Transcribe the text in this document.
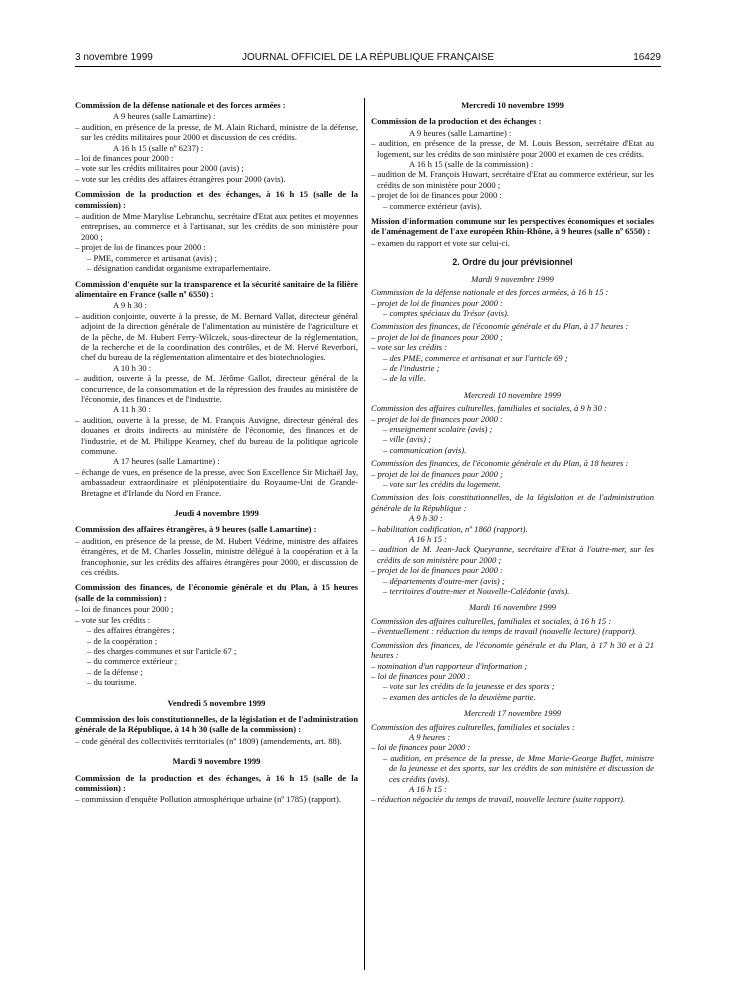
3 novembre 1999	JOURNAL OFFICIEL DE LA RÉPUBLIQUE FRANÇAISE	16429

Commission de la défense nationale et des forces armées :

A 9 heures (salle Lamartine) :

– audition, en présence de la presse, de M. Alain Richard, ministre de la défense, sur les crédits militaires pour 2000 et discussion de ces crédits.

A 16 h 15 (salle nº 6237) :

– loi de finances pour 2000 :

– vote sur les crédits militaires pour 2000 (avis) ;

– vote sur les crédits des affaires étrangères pour 2000 (avis).

Commission de la production et des échanges, à 16 h 15 (salle de la commission) :

– audition de Mme Marylise Lebranchu, secrétaire d'Etat aux petites et moyennes entreprises, au commerce et à l'artisanat, sur les crédits de son ministère pour 2000 ;

– projet de loi de finances pour 2000 :

– PME, commerce et artisanat (avis) ;

– désignation candidat organisme extraparlementaire.

Commission d'enquête sur la transparence et la sécurité sanitaire de la filière alimentaire en France (salle nº 6550) :

A 9 h 30 :

– audition conjointe, ouverte à la presse, de M. Bernard Vallat, directeur général adjoint de la direction générale de l'alimentation au ministère de l'agriculture et de la pêche, de M. Hubert Ferry-Wilczek, sous-directeur de la réglementation, de la recherche et de la coordination des contrôles, et de M. Hervé Reverbori, chef du bureau de la réglementation alimentaire et des biotechnologies.

A 10 h 30 :

– audition, ouverte à la presse, de M. Jérôme Gallot, directeur général de la concurrence, de la consommation et de la répression des fraudes au ministère de l'économie, des finances et de l'industrie.

A 11 h 30 :

– audition, ouverte à la presse, de M. François Auvigne, directeur général des douanes et droits indirects au ministère de l'économie, des finances et de l'industrie, et de M. Philippe Kearney, chef du bureau de la politique agricole commune.

A 17 heures (salle Lamartine) :

– échange de vues, en présence de la presse, avec Son Excellence Sir Michaël Jay, ambassadeur extraordinaire et plénipotentiaire du Royaume-Uni de Grande-Bretagne et d'Irlande du Nord en France.

Jeudi 4 novembre 1999

Commission des affaires étrangères, à 9 heures (salle Lamartine) :

– audition, en présence de la presse, de M. Hubert Védrine, ministre des affaires étrangères, et de M. Charles Josselin, ministre délégué à la coopération et à la francophonie, sur les crédits des affaires étrangères pour 2000, et discussion de ces crédits.

Commission des finances, de l'économie générale et du Plan, à 15 heures (salle de la commission) :

– loi de finances pour 2000 ;

– vote sur les crédits :

– des affaires étrangères ;

– de la coopération ;

– des charges communes et sur l'article 67 ;

– du commerce extérieur ;

– de la défense ;

– du tourisme.

Vendredi 5 novembre 1999

Commission des lois constitutionnelles, de la législation et de l'administration générale de la République, à 14 h 30 (salle de la commission) :

– code général des collectivités territoriales (nº 1809) (amendements, art. 88).

Mardi 9 novembre 1999

Commission de la production et des échanges, à 16 h 15 (salle de la commission) :

– commission d'enquête Pollution atmosphérique urbaine (nº 1785) (rapport).

Mercredi 10 novembre 1999

Commission de la production et des échanges :

A 9 heures (salle Lamartine) :

– audition, en présence de la presse, de M. Louis Besson, secrétaire d'Etat au logement, sur les crédits de son ministère pour 2000 et examen de ces crédits.

A 16 h 15 (salle de la commission) :

– audition de M. François Huwart, secrétaire d'Etat au commerce extérieur, sur les crédits de son ministère pour 2000 ;

– projet de loi de finances pour 2000 :

– commerce extérieur (avis).

Mission d'information commune sur les perspectives économiques et sociales de l'aménagement de l'axe européen Rhin-Rhône, à 9 heures (salle nº 6550) :

– examen du rapport et vote sur celui-ci.

2. Ordre du jour prévisionnel

Mardi 9 novembre 1999

Commission de la défense nationale et des forces armées, à 16 h 15 :

– projet de loi de finances pour 2000 :

– comptes spéciaux du Trésor (avis).

Commission des finances, de l'économie générale et du Plan, à 17 heures :

– projet de loi de finances pour 2000 ;

– vote sur les crédits :

– des PME, commerce et artisanat et sur l'article 69 ;

– de l'industrie ;

– de la ville.

Mercredi 10 novembre 1999

Commission des affaires culturelles, familiales et sociales, à 9 h 30 :

– projet de loi de finances pour 2000 :

– enseignement scolaire (avis) ;

– ville (avis) ;

– communication (avis).

Commission des finances, de l'économie générale et du Plan, à 18 heures :

– projet de loi de finances pour 2000 ;

– vote sur les crédits du logement.

Commission des lois constitutionnelles, de la législation et de l'administration générale de la République :

A 9 h 30 :

– habilitation codification, nº 1860 (rapport).

A 16 h 15 :

– audition de M. Jean-Jack Queyranne, secrétaire d'Etat à l'outre-mer, sur les crédits de son ministère pour 2000 ;

– projet de loi de finances pour 2000 :

– départements d'outre-mer (avis) ;

– territoires d'outre-mer et Nouvelle-Calédonie (avis).

Mardi 16 novembre 1999

Commission des affaires culturelles, familiales et sociales, à 16 h 15 :

– éventuellement : réduction du temps de travail (nouvelle lecture) (rapport).

Commission des finances, de l'économie générale et du Plan, à 17 h 30 et à 21 heures :

– nomination d'un rapporteur d'information ;

– loi de finances pour 2000 :

– vote sur les crédits de la jeunesse et des sports ;

– examen des articles de la deuxième partie.

Mercredi 17 novembre 1999

Commission des affaires culturelles, familiales et sociales :

A 9 heures :

– loi de finances pour 2000 :

– audition, en présence de la presse, de Mme Marie-George Buffet, ministre de la jeunesse et des sports, sur les crédits de son ministère et discussion de ces crédits (avis).

A 16 h 15 :

– réduction négociée du temps de travail, nouvelle lecture (suite rapport).
